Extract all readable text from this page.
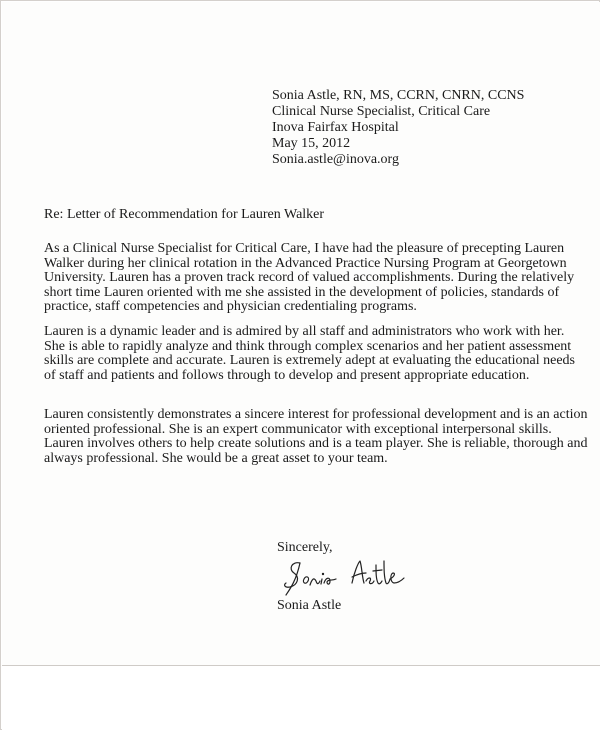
Sonia Astle, RN, MS, CCRN, CNRN, CCNS
Clinical Nurse Specialist, Critical Care
Inova Fairfax Hospital
May 15, 2012
Sonia.astle@inova.org
Re: Letter of Recommendation for Lauren Walker
As a Clinical Nurse Specialist for Critical Care, I have had the pleasure of precepting Lauren
Walker during her clinical rotation in the Advanced Practice Nursing Program at Georgetown
University. Lauren has a proven track record of valued accomplishments. During the relatively
short time Lauren oriented with me she assisted in the development of policies, standards of
practice, staff competencies and physician credentialing programs.
Lauren is a dynamic leader and is admired by all staff and administrators who work with her.
She is able to rapidly analyze and think through complex scenarios and her patient assessment
skills are complete and accurate. Lauren is extremely adept at evaluating the educational needs
of staff and patients and follows through to develop and present appropriate education.
Lauren consistently demonstrates a sincere interest for professional development and is an action
oriented professional. She is an expert communicator with exceptional interpersonal skills.
Lauren involves others to help create solutions and is a team player. She is reliable, thorough and
always professional. She would be a great asset to your team.
Sincerely,
Sonia Astle
